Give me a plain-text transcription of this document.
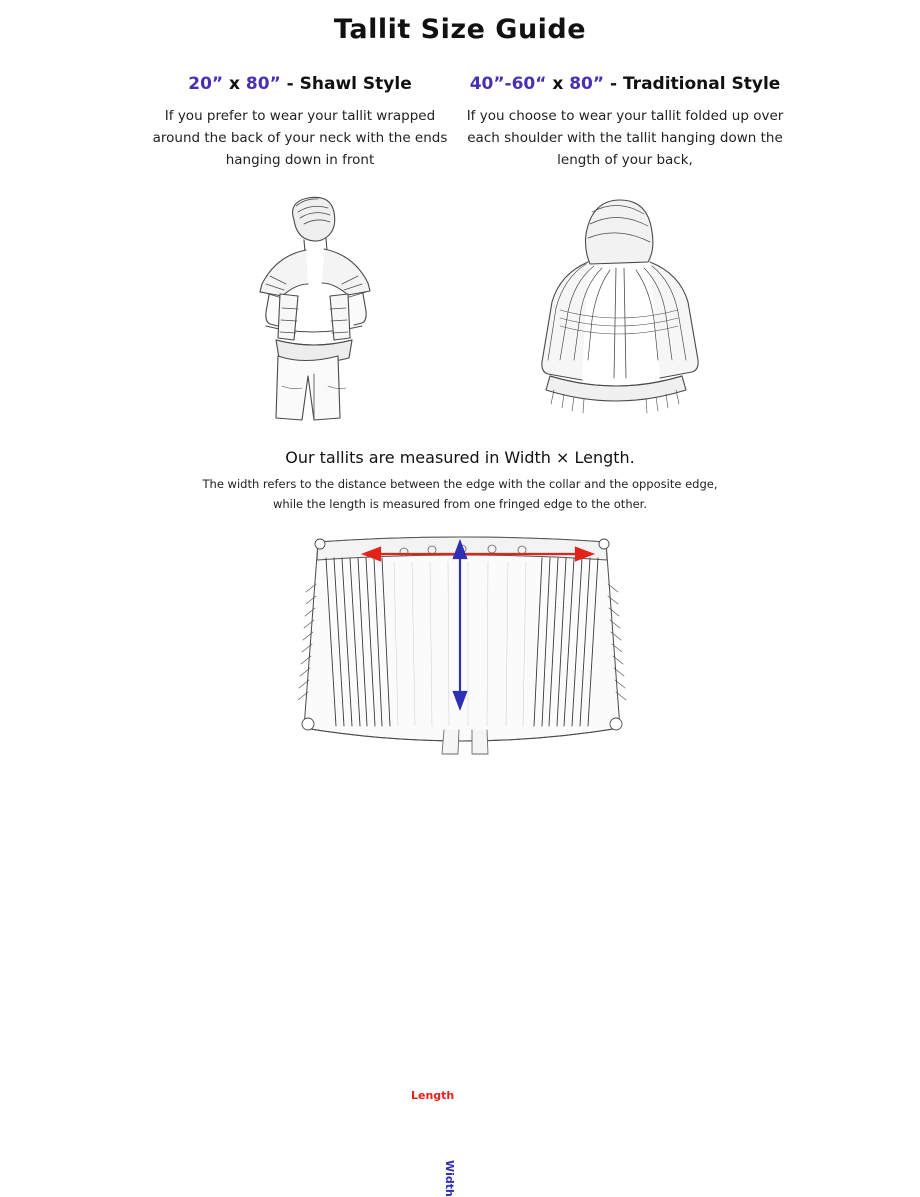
Tallit Size Guide
20” x 80” - Shawl Style
If you prefer to wear your tallit wrapped around the back of your neck with the ends hanging down in front
40”-60“ x 80” - Traditional Style
If you choose to wear your tallit folded up over each shoulder with the tallit hanging down the length of your back,
Our tallits are measured in Width × Length.
The width refers to the distance between the edge with the collar and the opposite edge,
while the length is measured from one fringed edge to the other.
Length
Width
